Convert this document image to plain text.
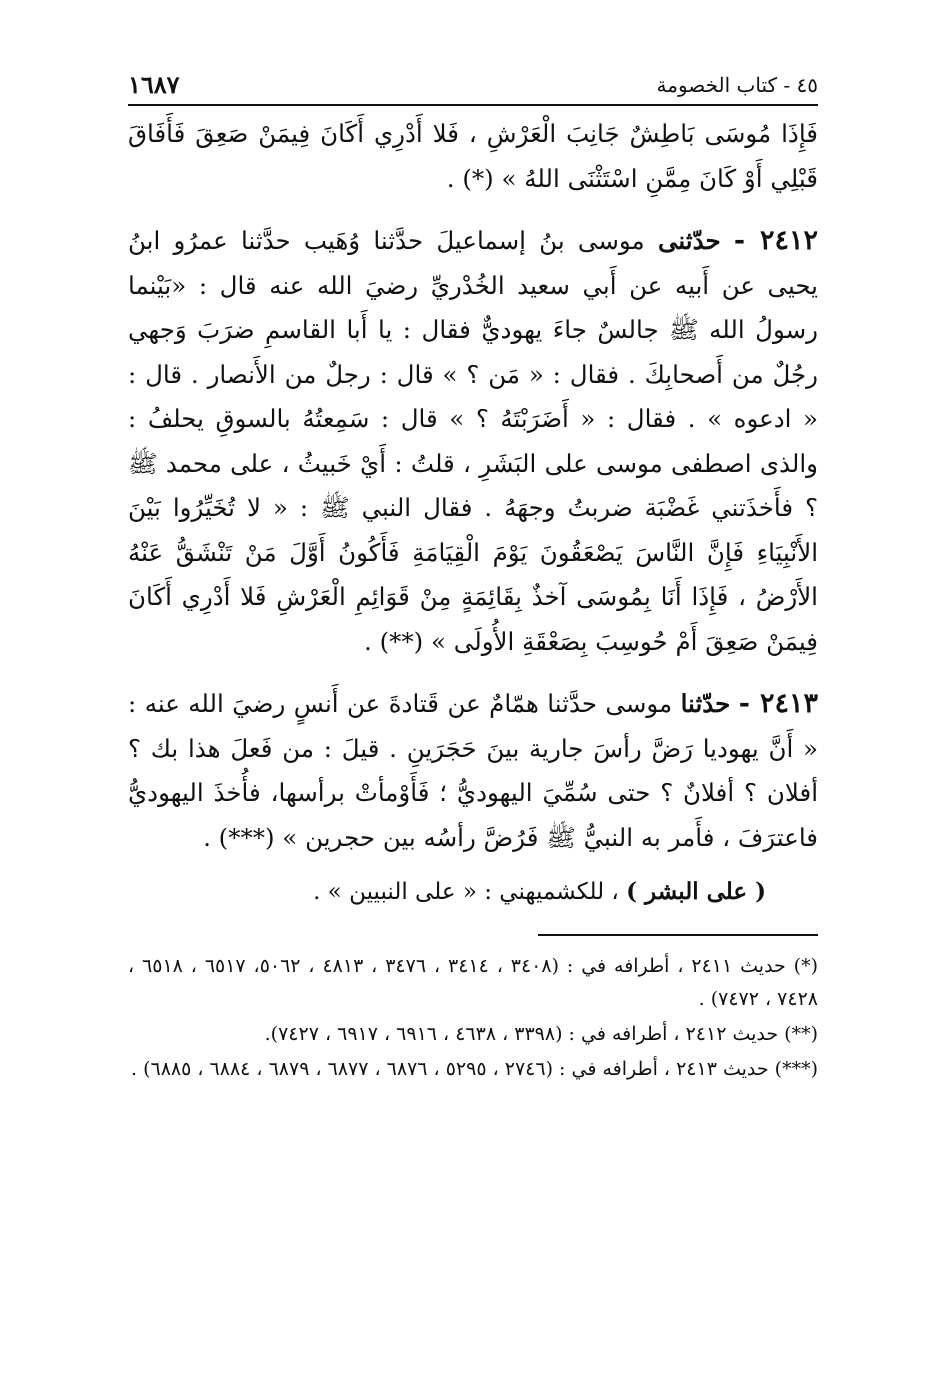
٤٥ - كتاب الخصومة
١٦٨٧

فَإِذَا مُوسَى بَاطِشٌ جَانِبَ الْعَرْشِ ، فَلا أَدْرِي أَكَانَ فِيمَنْ صَعِقَ فَأَفَاقَ قَبْلِي أَوْ كَانَ مِمَّنِ اسْتَثْنَى اللهُ » (*) .

٢٤١٢ - حدّثنى موسى بنُ إسماعيلَ حدَّثنا وُهَيب حدَّثنا عمرُو ابنُ يحيى عن أَبيه عن أَبي سعيد الخُدْريِّ رضيَ الله عنه قال : «بَيْنما رسولُ الله ﷺ جالسٌ جاءَ يهوديٌّ فقال : يا أَبا القاسمِ ضرَبَ وَجهي رجُلٌ من أَصحابِكَ . فقال : « مَن ؟ » قال : رجلٌ من الأَنصار . قال : « ادعوه » . فقال : « أَضَرَبْتَهُ ؟ » قال : سَمِعتُهُ بالسوقِ يحلفُ : والذى اصطفى موسى على البَشَرِ ، قلتُ : أَيْ خَبيثُ ، على محمد ﷺ ؟ فأَخذَتني غَضْبَة ضربتُ وجهَهُ . فقال النبي ﷺ : « لا تُخَيِّرُوا بَيْنَ الأَنْبِيَاءِ فَإِنَّ النَّاسَ يَصْعَقُونَ يَوْمَ الْقِيَامَةِ فَأَكُونُ أَوَّلَ مَنْ تَنْشَقُّ عَنْهُ الأَرْضُ ، فَإِذَا أَنَا بِمُوسَى آخذٌ بِقَائِمَةٍ مِنْ قَوَائِمِ الْعَرْشِ فَلا أَدْرِي أَكَانَ فِيمَنْ صَعِقَ أَمْ حُوسِبَ بِصَعْقَةِ الأُولَى » (**) .

٢٤١٣ - حدّثنا موسى حدَّثنا همّامٌ عن قَتادةَ عن أَنسٍ رضيَ الله عنه : « أَنَّ يهوديا رَضَّ رأسَ جارية بينَ حَجَرَينِ . قيلَ : من فَعلَ هذا بك ؟ أفلان ؟ أفلانٌ ؟ حتى سُمِّيَ اليهوديُّ ؛ فَأَوْمأتْ برأسها، فأُخذَ اليهوديُّ فاعترَفَ ، فأَمر به النبيُّ ﷺ فَرُضَّ رأسُه بين حجرين » (***) .

( على البشر ) ، للكشميهني : « على النبيين » .

(*) حديث ٢٤١١ ، أطرافه في : (٣٤٠٨ ، ٣٤١٤ ، ٣٤٧٦ ، ٤٨١٣ ، ٥٠٦٢، ٦٥١٧ ، ٦٥١٨ ، ٧٤٢٨ ، ٧٤٧٢) .

(**) حديث ٢٤١٢ ، أطرافه في : (٣٣٩٨ ، ٤٦٣٨ ، ٦٩١٦ ، ٦٩١٧ ، ٧٤٢٧).

(***) حديث ٢٤١٣ ، أطرافه في : (٢٧٤٦ ، ٥٢٩٥ ، ٦٨٧٦ ، ٦٨٧٧ ، ٦٨٧٩ ، ٦٨٨٤ ، ٦٨٨٥) .
